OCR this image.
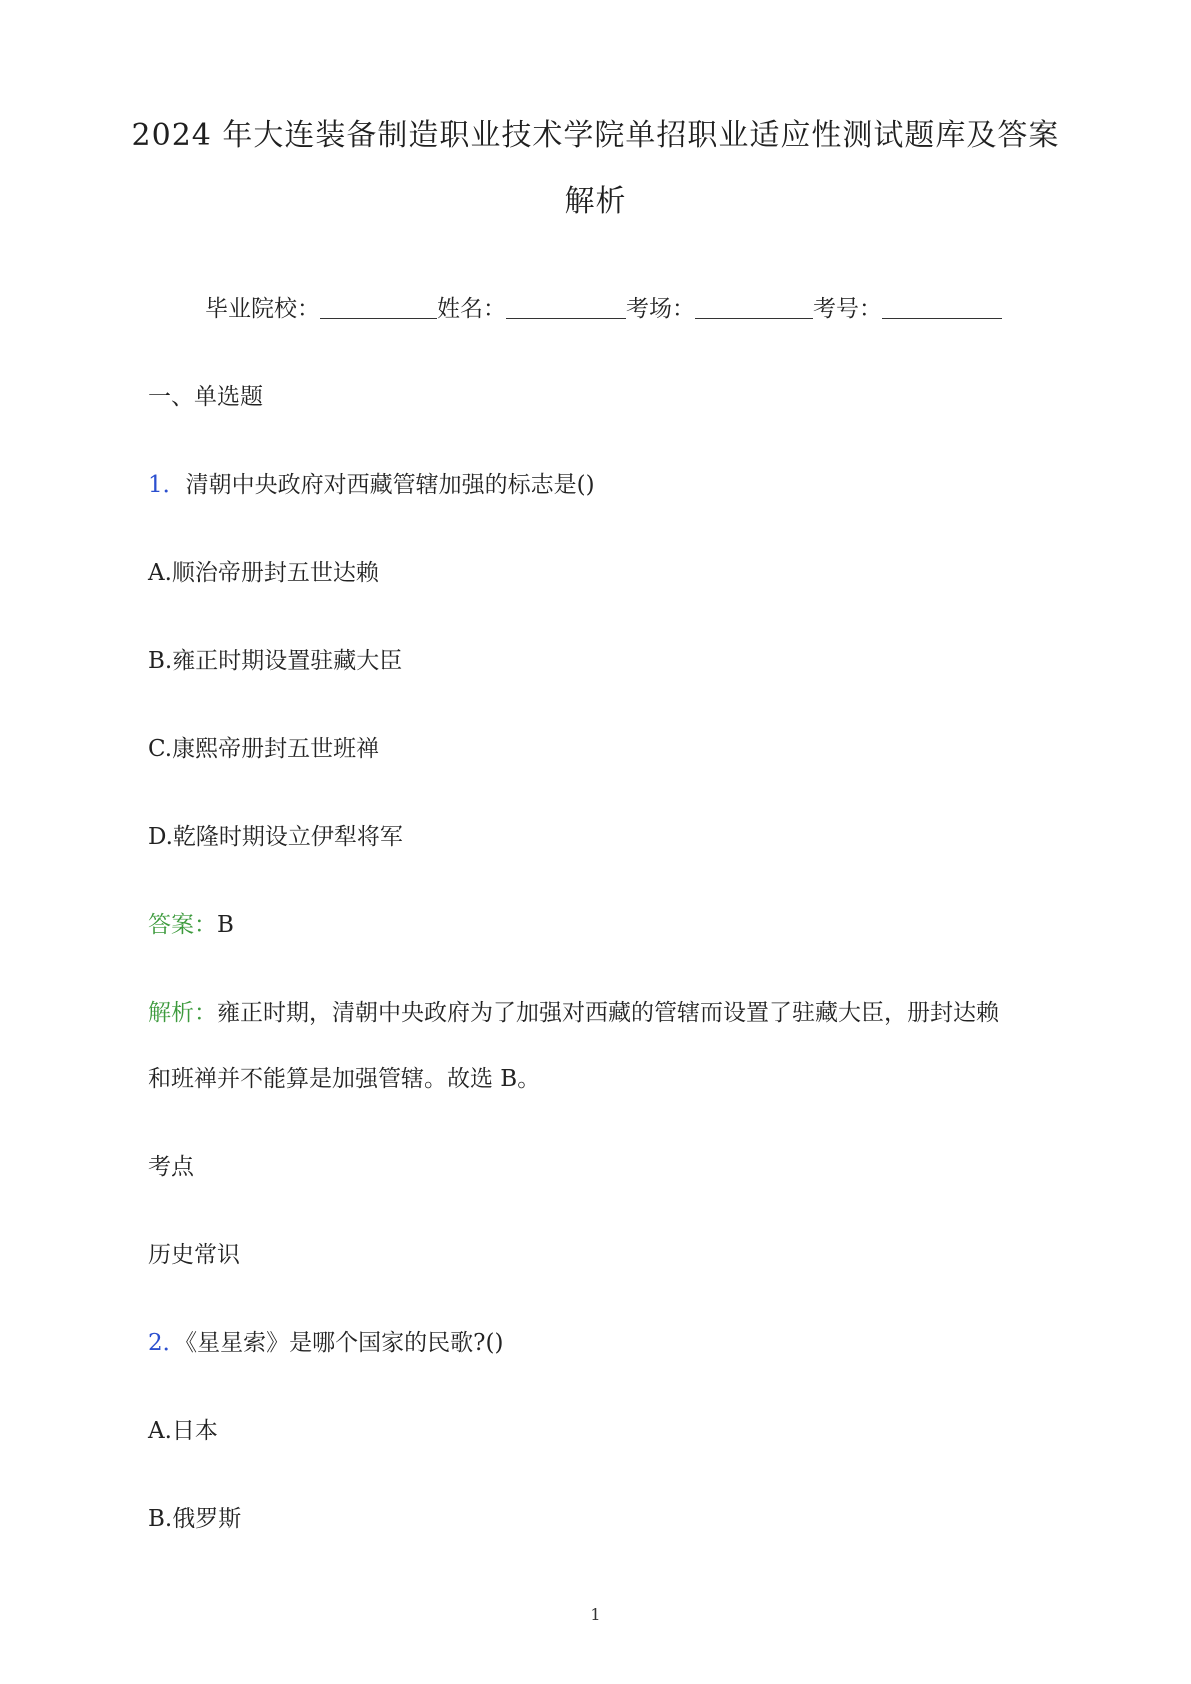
2024 年大连装备制造职业技术学院单招职业适应性测试题库及答案
解析
毕业院校：	姓名：	考场：	考号：
一、单选题
1．清朝中央政府对西藏管辖加强的标志是()
A.顺治帝册封五世达赖
B.雍正时期设置驻藏大臣
C.康熙帝册封五世班禅
D.乾隆时期设立伊犁将军
答案：B
解析：雍正时期，清朝中央政府为了加强对西藏的管辖而设置了驻藏大臣，册封达赖
和班禅并不能算是加强管辖。故选 B。
考点
历史常识
2．《星星索》是哪个国家的民歌?()
A.日本
B.俄罗斯
1
